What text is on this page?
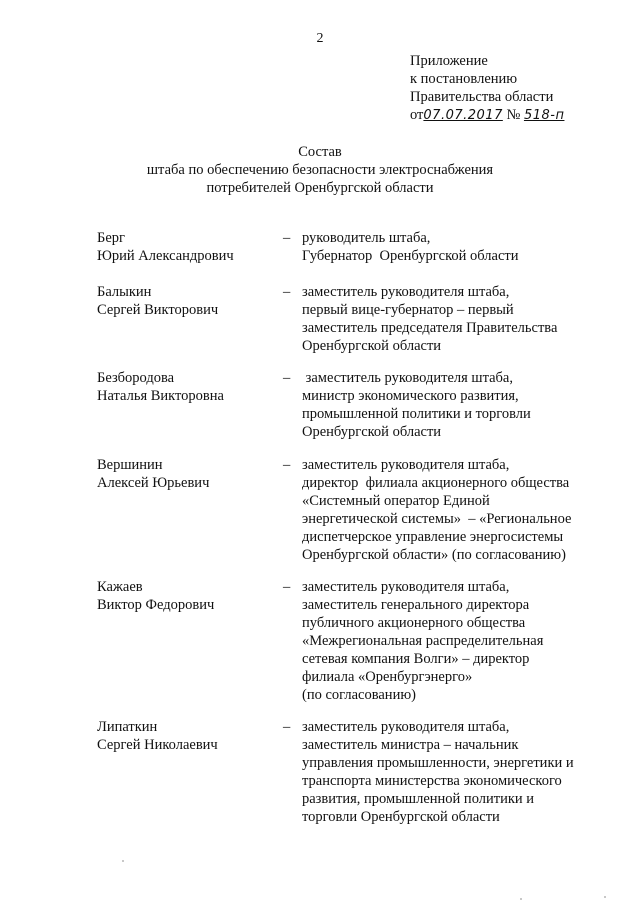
2
Приложение
к постановлению
Правительства области
от07.07.2017 № 518-п
Состав
штаба по обеспечению безопасности электроснабжения
потребителей Оренбургской области
Берг
Юрий Александрович
– руководитель штаба,
Губернатор  Оренбургской области
Балыкин
Сергей Викторович
– заместитель руководителя штаба,
первый вице-губернатор – первый
заместитель председателя Правительства
Оренбургской области
Безбородова
Наталья Викторовна
– заместитель руководителя штаба,
министр экономического развития,
промышленной политики и торговли
Оренбургской области
Вершинин
Алексей Юрьевич
– заместитель руководителя штаба,
директор  филиала акционерного общества
«Системный оператор Единой
энергетической системы»  – «Региональное
диспетчерское управление энергосистемы
Оренбургской области» (по согласованию)
Кажаев
Виктор Федорович
– заместитель руководителя штаба,
заместитель генерального директора
публичного акционерного общества
«Межрегиональная распределительная
сетевая компания Волги» – директор
филиала «Оренбургэнерго»
(по согласованию)
Липаткин
Сергей Николаевич
– заместитель руководителя штаба,
заместитель министра – начальник
управления промышленности, энергетики и
транспорта министерства экономического
развития, промышленной политики и
торговли Оренбургской области
